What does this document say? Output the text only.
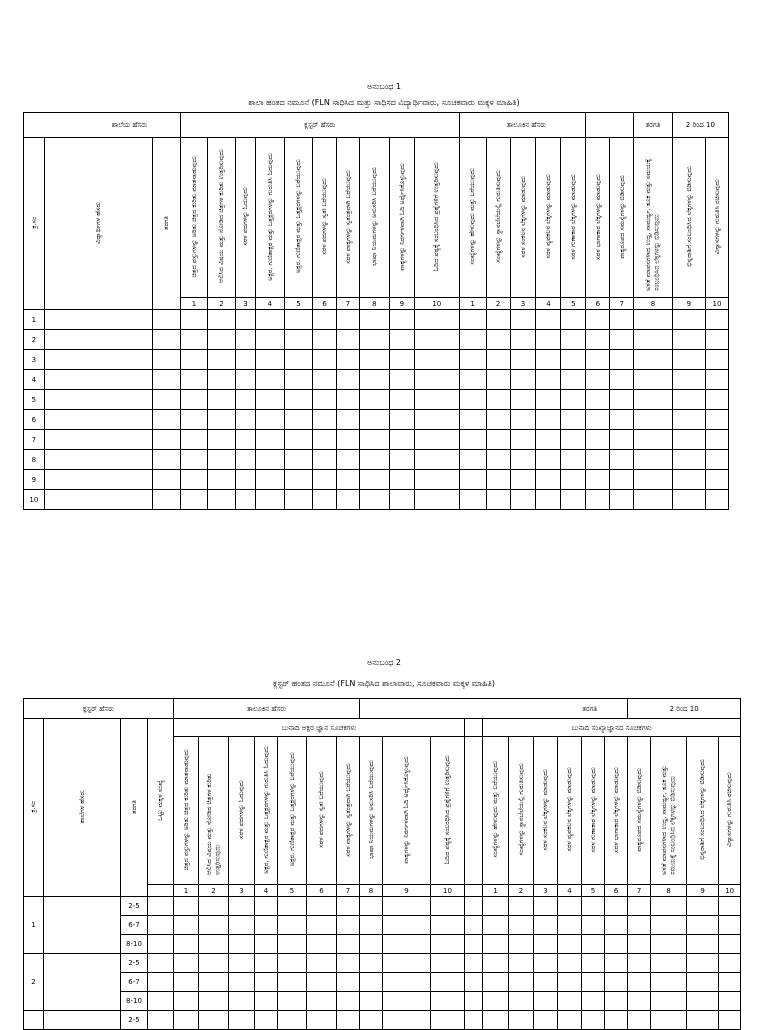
ಅನುಬಂಧ 1
ಶಾಲಾ ಹಂತದ ನಮೂನೆ (FLN ಸಾಧಿಸಿದ ಮತ್ತು ಸಾಧಿಸದ ವಿದ್ಯಾರ್ಥಿವಾರು, ಸೂಚಕವಾರು ಮಕ್ಕಳ ಮಾಹಿತಿ)
ಶಾಲೆಯ ಹೆಸರು			ಕ್ಲಸ್ಟರ್ ಹೆಸರು										ತಾಲೂಕಿನ ಹೆಸರು							ತರಗತಿ	2 ರಿಂದ 10	
ಕ್ರ.ಸಂ	ವಿದ್ಯಾರ್ಥಿಗಳ ಹೆಸರು	ತರಗತಿ	ಚಿತ್ರದ ವಸ್ತುಗಳನ್ನು ಅರಿತು ಚಿತ್ರದ ಕುರಿತು ಮಾತನಾಡುವುದು	ಆಲಿಸಿದ ವಿಷಯ ಮತ್ತು ನೋಡಿದ ಚಿತ್ರಗಳ ಕುರಿತು ಉತ್ತರಿಸುವುದು	ಸರಳ ಪದಗಳನ್ನು ಓದುವುದು	ಅಕ್ಷರ, ಗುಣಿತಾಕ್ಷರ ಮತ್ತು ಒತ್ತಕ್ಷರಗಳನ್ನು ಗುರುತಿಸಿ ಓದುವುದು	ಅಕ್ಷರ, ಗುಣಿತಾಕ್ಷರ ಮತ್ತು ಒತ್ತಕ್ಷರಗಳನ್ನು ಬರೆಯುವುದು	ಸರಳ ಪದಗಳನ್ನು ಸ್ವತಃ ಬರೆಯುವುದು	ಸರಳ ವಾಕ್ಯಗಳನ್ನು ಸ್ವತಂತ್ರವಾಗಿ ಬರೆಯುವುದು	ಭಾಷಾ ನಿಯಮಗಳನ್ನು ಅನುಸರಿಸಿ ಬರೆಯುವುದು	ವಾಕ್ಯಗಳನ್ನು ನಿರರ್ಗಳವಾಗಿ ಓದಿ ಅರ್ಥೈಸಿಕೊಳ್ಳುವುದು	ಓದಿದ ಪಠ್ಯಕ್ಕೆ ಸಂಬಂಧಿಸಿದ ಪ್ರಶ್ನೆಗಳಿಗೆ ಉತ್ತರಿಸುವುದು	ಸಂಖ್ಯೆಗಳನ್ನು ಹೇಳುವುದು ಮತ್ತು ಬರೆಯುವುದು	ಸಂಖ್ಯೆಗಳನ್ನು ಸ್ಥಾನಬೆಲೆಯಲ್ಲಿ ಗುರುತಿಸುವುದು	ಸರಳ ಸಂಕಲನ ಲೆಕ್ಕಗಳನ್ನು ಮಾಡುವುದು	ಸರಳ ವ್ಯವಕಲನ ಲೆಕ್ಕಗಳನ್ನು ಮಾಡುವುದು	ಸರಳ ಗುಣಾಕಾರ ಲೆಕ್ಕಗಳನ್ನು ಮಾಡುವುದು	ಸರಳ ಭಾಗಾಕಾರ ಲೆಕ್ಕಗಳನ್ನು ಮಾಡುವುದು	ವಾಕ್ಯರೂಪದ ಸಮಸ್ಯೆಗಳನ್ನು ಬಿಡಿಸುವುದು	ಅಳತೆ ಮಾಪನಗಳಾದ ಉದ್ದ, ಸಾಮರ್ಥ್ಯ, ತೂಕ ಮತ್ತು ಸಮಯಕ್ಕೆ ಸಂಬಂಧಿಸಿದ ಲೆಕ್ಕಗಳನ್ನು ಬಿಡಿಸುವುದು	ಭಿನ್ನರಾಶಿಗೆ ಸಂಬಂಧಿಸಿದ ಲೆಕ್ಕಗಳನ್ನು ಬಿಡಿಸುವುದು	ವಿನ್ಯಾಸಗಳನ್ನು ಗುರುತಿಸಿ ರಚಿಸುವುದು
			1	2	3	4	5	6	7	8	9	10	1	2	3	4	5	6	7	8	9	10
1																						
2																						
3																						
4																						
5																						
6																						
7																						
8																						
9																						
10																						
ಅನುಬಂಧ 2
ಕ್ಲಸ್ಟರ್ ಹಂತದ ನಮೂನೆ (FLN ಸಾಧಿಸಿದ ಶಾಲಾವಾರು, ಸೂಚಕವಾರು ಮಕ್ಕಳ ಮಾಹಿತಿ)
ಕ್ಲಸ್ಟರ್ ಹೆಸರು				ತಾಲೂಕಿನ ಹೆಸರು							ತರಗತಿ										2 ರಿಂದ 10			
ಕ್ರ.ಸಂ	ಶಾಲೆಗಳ ಹೆಸರು	ತರಗತಿ	ಒಟ್ಟು ಮಕ್ಕಳ ಸಂಖ್ಯೆ	ಬುನಾದಿ ಅಕ್ಷರ ಜ್ಞಾನ ಸೂಚಕಗಳು											ಬುನಾದಿ ಸಂಖ್ಯಾಜ್ಞಾನದ ಸೂಚಕಗಳು									
				ಚಿತ್ರದ ವಸ್ತುಗಳನ್ನು ಅರಿತು ಚಿತ್ರದ ಕುರಿತು ಮಾತನಾಡುವುದು	ಆಲಿಸಿದ ವಿಷಯ ಮತ್ತು ನೋಡಿದ ಚಿತ್ರಗಳ ಕುರಿತು ಉತ್ತರಿಸುವುದು	ಸರಳ ಪದಗಳನ್ನು ಓದುವುದು	ಅಕ್ಷರ, ಗುಣಿತಾಕ್ಷರ ಮತ್ತು ಒತ್ತಕ್ಷರಗಳನ್ನು ಗುರುತಿಸಿ ಓದುವುದು	ಅಕ್ಷರ, ಗುಣಿತಾಕ್ಷರ ಮತ್ತು ಒತ್ತಕ್ಷರಗಳನ್ನು ಬರೆಯುವುದು	ಸರಳ ಪದಗಳನ್ನು ಸ್ವತಃ ಬರೆಯುವುದು	ಸರಳ ವಾಕ್ಯಗಳನ್ನು ಸ್ವತಂತ್ರವಾಗಿ ಬರೆಯುವುದು	ಭಾಷಾ ನಿಯಮಗಳನ್ನು ಅನುಸರಿಸಿ ಬರೆಯುವುದು	ವಾಕ್ಯಗಳನ್ನು ನಿರರ್ಗಳವಾಗಿ ಓದಿ ಅರ್ಥೈಸಿಕೊಳ್ಳುವುದು	ಓದಿದ ಪಠ್ಯಕ್ಕೆ ಸಂಬಂಧಿಸಿದ ಪ್ರಶ್ನೆಗಳಿಗೆ ಉತ್ತರಿಸುವುದು		ಸಂಖ್ಯೆಗಳನ್ನು ಹೇಳುವುದು ಮತ್ತು ಬರೆಯುವುದು	ಸಂಖ್ಯೆಗಳನ್ನು ಸ್ಥಾನಬೆಲೆಯಲ್ಲಿ ಗುರುತಿಸುವುದು	ಸರಳ ಸಂಕಲನ ಲೆಕ್ಕಗಳನ್ನು ಮಾಡುವುದು	ಸರಳ ವ್ಯವಕಲನ ಲೆಕ್ಕಗಳನ್ನು ಮಾಡುವುದು	ಸರಳ ಗುಣಾಕಾರ ಲೆಕ್ಕಗಳನ್ನು ಮಾಡುವುದು	ಸರಳ ಭಾಗಾಕಾರ ಲೆಕ್ಕಗಳನ್ನು ಮಾಡುವುದು	ವಾಕ್ಯರೂಪದ ಸಮಸ್ಯೆಗಳನ್ನು ಬಿಡಿಸುವುದು	ಅಳತೆ ಮಾಪನಗಳಾದ ಉದ್ದ, ಸಾಮರ್ಥ್ಯ, ತೂಕ ಮತ್ತು ಸಮಯಕ್ಕೆ ಸಂಬಂಧಿಸಿದ ಲೆಕ್ಕಗಳನ್ನು ಬಿಡಿಸುವುದು	ಭಿನ್ನರಾಶಿಗೆ ಸಂಬಂಧಿಸಿದ ಲೆಕ್ಕಗಳನ್ನು ಬಿಡಿಸುವುದು	ವಿನ್ಯಾಸಗಳನ್ನು ಗುರುತಿಸಿ ರಚಿಸುವುದು
				1	2	3	4	5	6	7	8	9	10		1	2	3	4	5	6	7	8	9	10
1		2-5																						
		6-7																						
		8-10																						
2		2-5																						
		6-7																						
		8-10																						
		2-5																						
